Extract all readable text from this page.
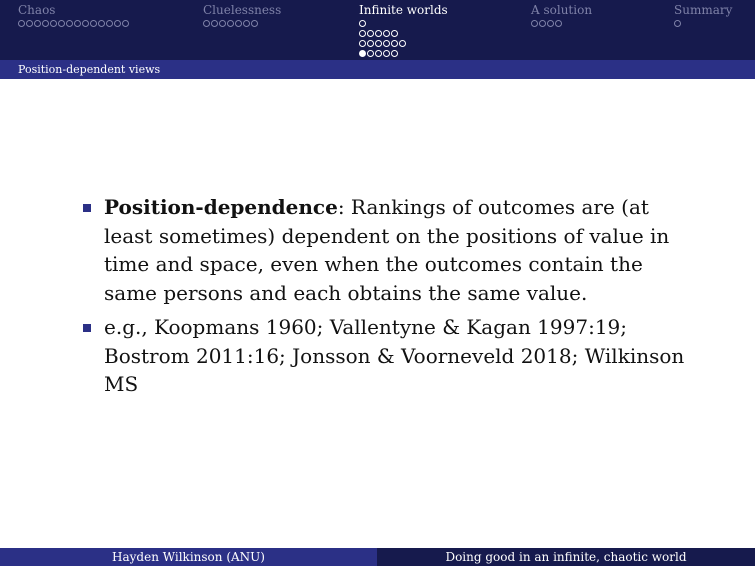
Chaos	Cluelessness	Infinite worlds	A solution	Summary
Position-dependent views
Position-dependence: Rankings of outcomes are (at least sometimes) dependent on the positions of value in time and space, even when the outcomes contain the same persons and each obtains the same value.
e.g., Koopmans 1960; Vallentyne & Kagan 1997:19; Bostrom 2011:16; Jonsson & Voorneveld 2018; Wilkinson MS
Hayden Wilkinson (ANU)	Doing good in an infinite, chaotic world
